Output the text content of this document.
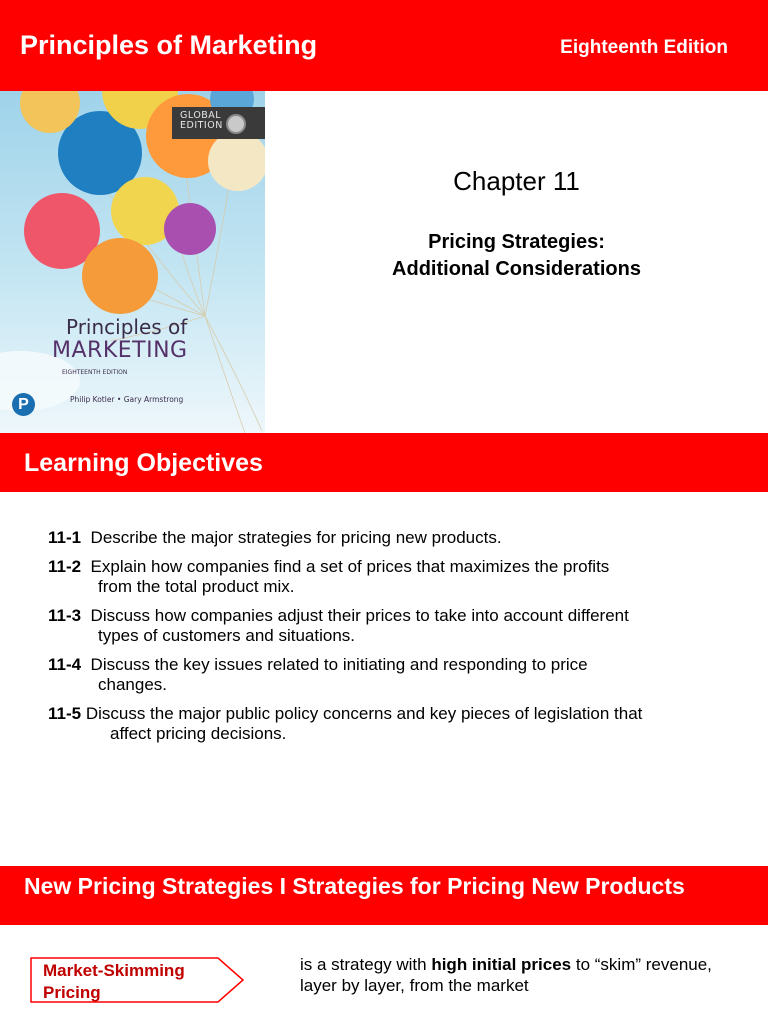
Principles of Marketing	Eighteenth Edition
GLOBAL EDITION
Principles of
MARKETING
EIGHTEENTH EDITION
P	Philip Kotler • Gary Armstrong
Chapter 11
Pricing Strategies:
Additional Considerations
Learning Objectives
11-1 Describe the major strategies for pricing new products.
11-2 Explain how companies find a set of prices that maximizes the profits
from the total product mix.
11-3 Discuss how companies adjust their prices to take into account different
types of customers and situations.
11-4 Discuss the key issues related to initiating and responding to price
changes.
11-5 Discuss the major public policy concerns and key pieces of legislation that
affect pricing decisions.
New Pricing Strategies I Strategies for Pricing New Products
Market-Skimming
Pricing
is a strategy with high initial prices to “skim” revenue, layer by layer, from the market
